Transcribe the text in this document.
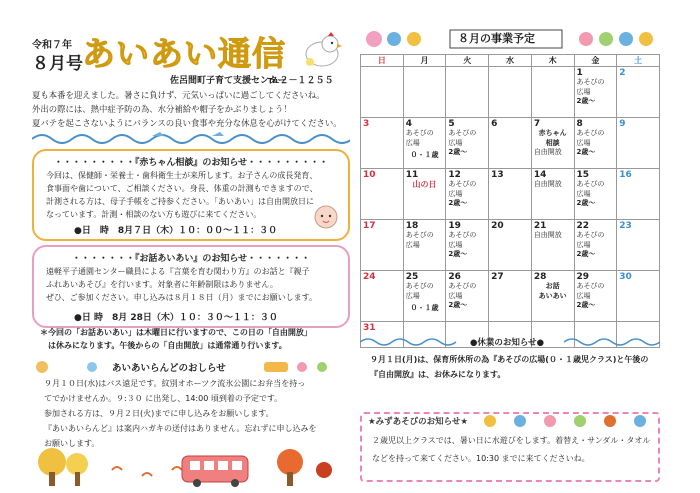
令和７年
８月号 あいあい通信
佐呂間町子育て支援センター
℡２－１２５５
夏も本番を迎えました。暑さに負けず、元気いっぱいに過ごしてくださいね。
外出の際には、熱中症予防の為、水分補給や帽子をかぶりましょう！
夏バテを起こさないようにバランスの良い食事や充分な休息を心がけてください。
・・・・・・・・・『赤ちゃん相談』のお知らせ・・・・・・・・・
今回は、保健師・栄養士・歯科衛生士が来所します。お子さんの成長発育、
食事面や歯について、ご相談ください。身長、体重の計測もできますので、
計測される方は、母子手帳をご持参ください。「あいあい」は自由開放日に
なっています。計測・相談のない方も遊びに来てください。
●日　時　8月７日（木）１０：００～１１：３０
・・・・・・・『お話あいあい』のお知らせ・・・・・・・
遠軽平子通園センター職員による『言葉を育む関わり方』のお話と『親子
ふれあいあそび』を行います。対象者に年齢制限はありません。
ぜひ、ご参加ください。申し込みは８月１８日（月）までにお願いします。
●日 時　8月 28日（木）１０：３０～１１：３０
＊今回の「お話あいあい」は木曜日に行いますので、この日の「自由開放」
　は休みになります。午後からの「自由開放」は通常通り行います。
あいあいらんどのおしらせ
９月１０日(水)はバス遠足です。紋別オホーツク流氷公園にお弁当を持っ
てでかけませんか。９:３０ に出発し、14:00 頃到着の予定です。
参加される方は、９月２日(火)までに申し込みをお願いします。
『あいあいらんど』は案内ハガキの送付はありません。忘れずに申し込みを
お願いします。
８月の事業予定
日	月	火	水	木	金	土

					1
あそびの
広場
2歳～	2

3	4
あそびの
広場
０・１歳	5
あそびの
広場
2歳～	6	7
赤ちゃん
相談
自由開放	8
あそびの
広場
2歳～	9

10	11
山の日	12
あそびの
広場
2歳～	13	14
自由開放	15
あそびの
広場
2歳～	16

17	18
あそびの
広場	19
あそびの
広場
2歳～	20	21
自由開放	22
あそびの
広場
2歳～	23

24	25
あそびの
広場
０・１歳	26
あそびの
広場
2歳～	27	28
お話
あいあい	29
あそびの
広場
2歳～	30

31						

●休業のお知らせ●
９月１日(月)は、保育所休所の為『あそびの広場(０・１歳児クラス)と午後の
『自由開放』は、お休みになります。
★みずあそびのお知らせ★
２歳児以上クラスでは、暑い日に水遊びをします。着替え・サンダル・タオル
などを持って来てください。10:30 までに来てくださいね。
